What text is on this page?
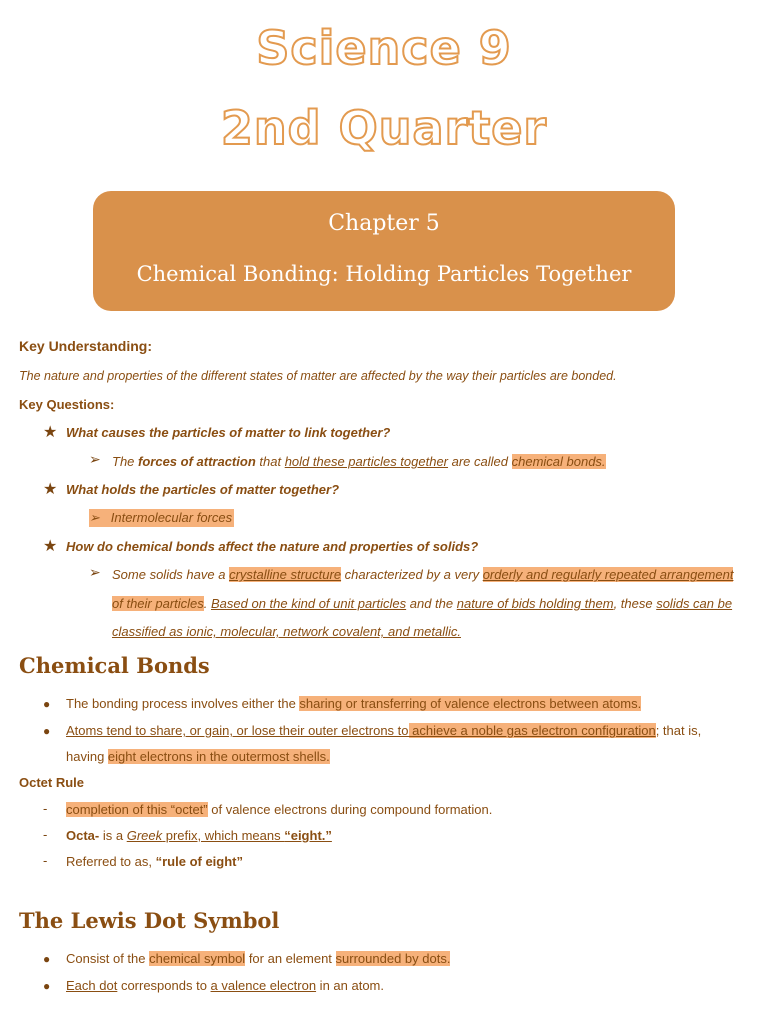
Science 9
2nd Quarter
Chapter 5
Chemical Bonding: Holding Particles Together
Key Understanding:
The nature and properties of the different states of matter are affected by the way their particles are bonded.
Key Questions:
★ What causes the particles of matter to link together?
➢ The forces of attraction that hold these particles together are called chemical bonds.
★ What holds the particles of matter together?
➢   Intermolecular forces
★ How do chemical bonds affect the nature and properties of solids?
➢ Some solids have a crystalline structure characterized by a very orderly and regularly repeated arrangement
of their particles. Based on the kind of unit particles and the nature of bids holding them, these solids can be
classified as ionic, molecular, network covalent, and metallic.
Chemical Bonds
● The bonding process involves either the sharing or transferring of valence electrons between atoms.
● Atoms tend to share, or gain, or lose their outer electrons to achieve a noble gas electron configuration; that is,
having eight electrons in the outermost shells.
Octet Rule
- completion of this “octet” of valence electrons during compound formation.
- Octa- is a Greek prefix, which means “eight.”
- Referred to as, “rule of eight”
The Lewis Dot Symbol
● Consist of the chemical symbol for an element surrounded by dots.
● Each dot corresponds to a valence electron in an atom.
